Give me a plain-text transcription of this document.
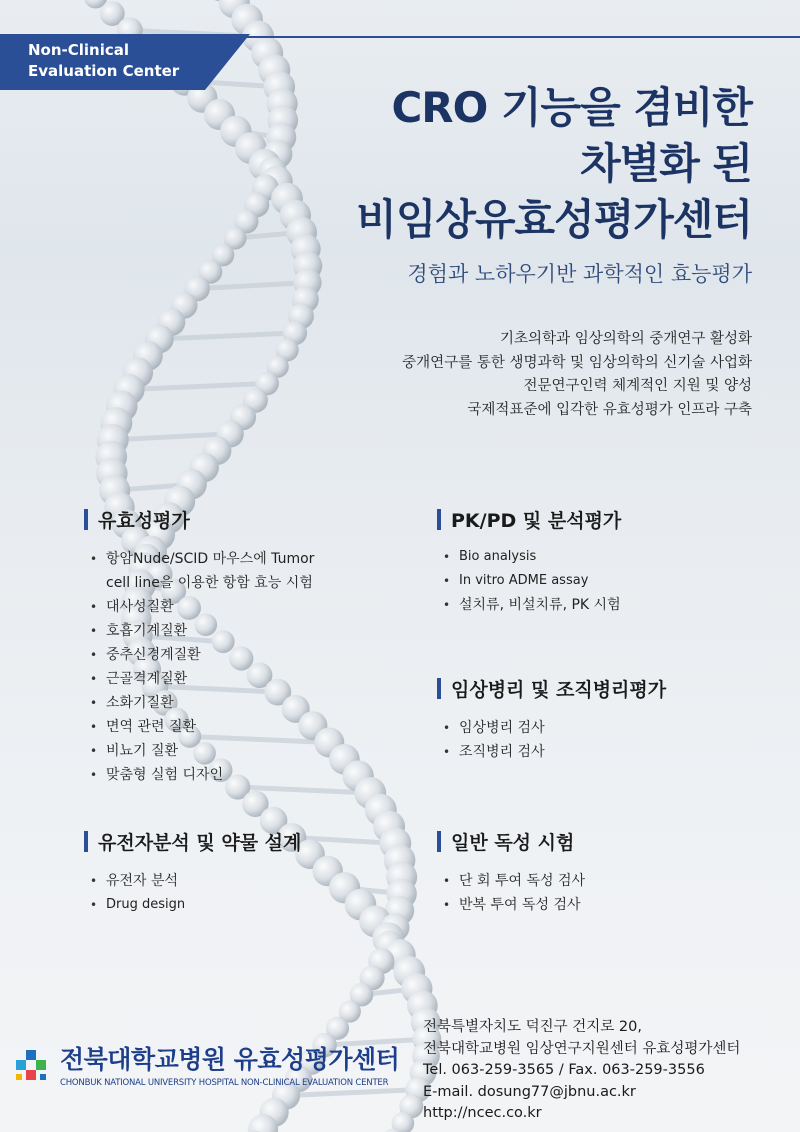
Non-Clinical
Evaluation Center
CRO 기능을 겸비한
차별화 된
비임상유효성평가센터
경험과 노하우기반 과학적인 효능평가
기초의학과 임상의학의 중개연구 활성화
중개연구를 통한 생명과학 및 임상의학의 신기술 사업화
전문연구인력 체계적인 지원 및 양성
국제적표준에 입각한 유효성평가 인프라 구축
유효성평가
• 항암Nude/SCID 마우스에 Tumor
cell line을 이용한 항함 효능 시험
• 대사성질환
• 호흡기계질환
• 중추신경계질환
• 근골격계질환
• 소화기질환
• 면역 관련 질환
• 비뇨기 질환
• 맞춤형 실험 디자인
PK/PD 및 분석평가
• Bio analysis
• In vitro ADME assay
• 설치류, 비설치류, PK 시험
임상병리 및 조직병리평가
• 임상병리 검사
• 조직병리 검사
유전자분석 및 약물 설계
• 유전자 분석
• Drug design
일반 독성 시험
• 단 회 투여 독성 검사
• 반복 투여 독성 검사
전북대학교병원 유효성평가센터
CHONBUK NATIONAL UNIVERSITY HOSPITAL NON-CLINICAL EVALUATION CENTER
전북특별자치도 덕진구 건지로 20,
전북대학교병원 임상연구지원센터 유효성평가센터
Tel. 063-259-3565 / Fax. 063-259-3556
E-mail. dosung77@jbnu.ac.kr
http://ncec.co.kr
